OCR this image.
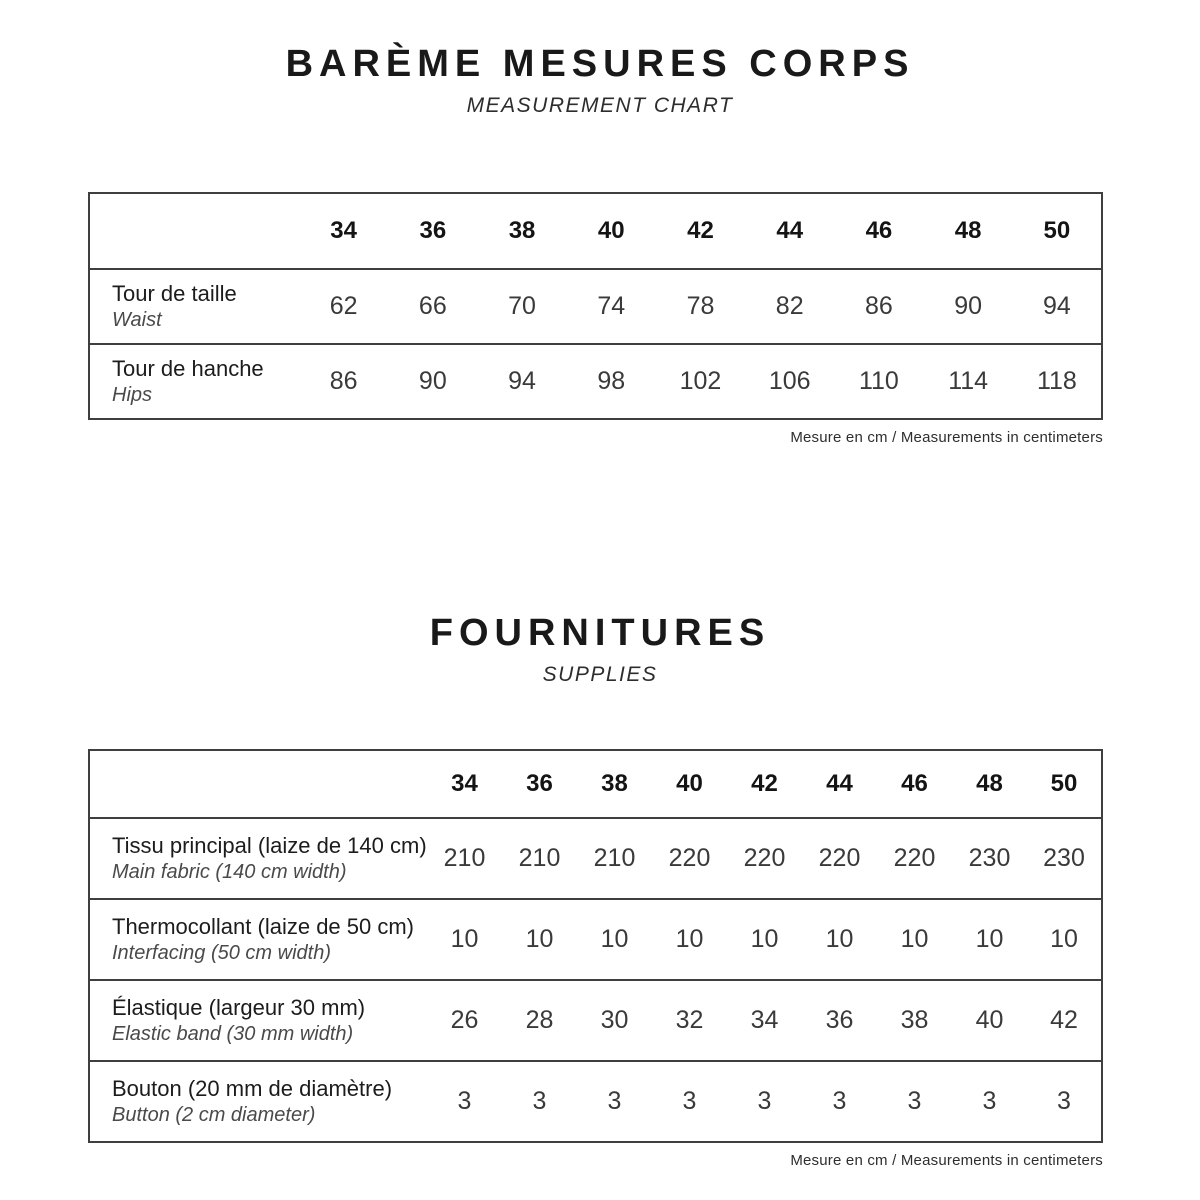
BARÈME MESURES CORPS
MEASUREMENT CHART
	34	36	38	40	42	44	46	48	50

Tour de taille
Waist	62	66	70	74	78	82	86	90	94

Tour de hanche
Hips	86	90	94	98	102	106	110	114	118
Mesure en cm / Measurements in centimeters
FOURNITURES
SUPPLIES
	34	36	38	40	42	44	46	48	50

Tissu principal (laize de 140 cm)
Main fabric (140 cm width)	210	210	210	220	220	220	220	230	230

Thermocollant (laize de 50 cm)
Interfacing (50 cm width)	10	10	10	10	10	10	10	10	10

Élastique (largeur 30 mm)
Elastic band (30 mm width)	26	28	30	32	34	36	38	40	42

Bouton (20 mm de diamètre)
Button (2 cm diameter)	3	3	3	3	3	3	3	3	3
Mesure en cm / Measurements in centimeters
